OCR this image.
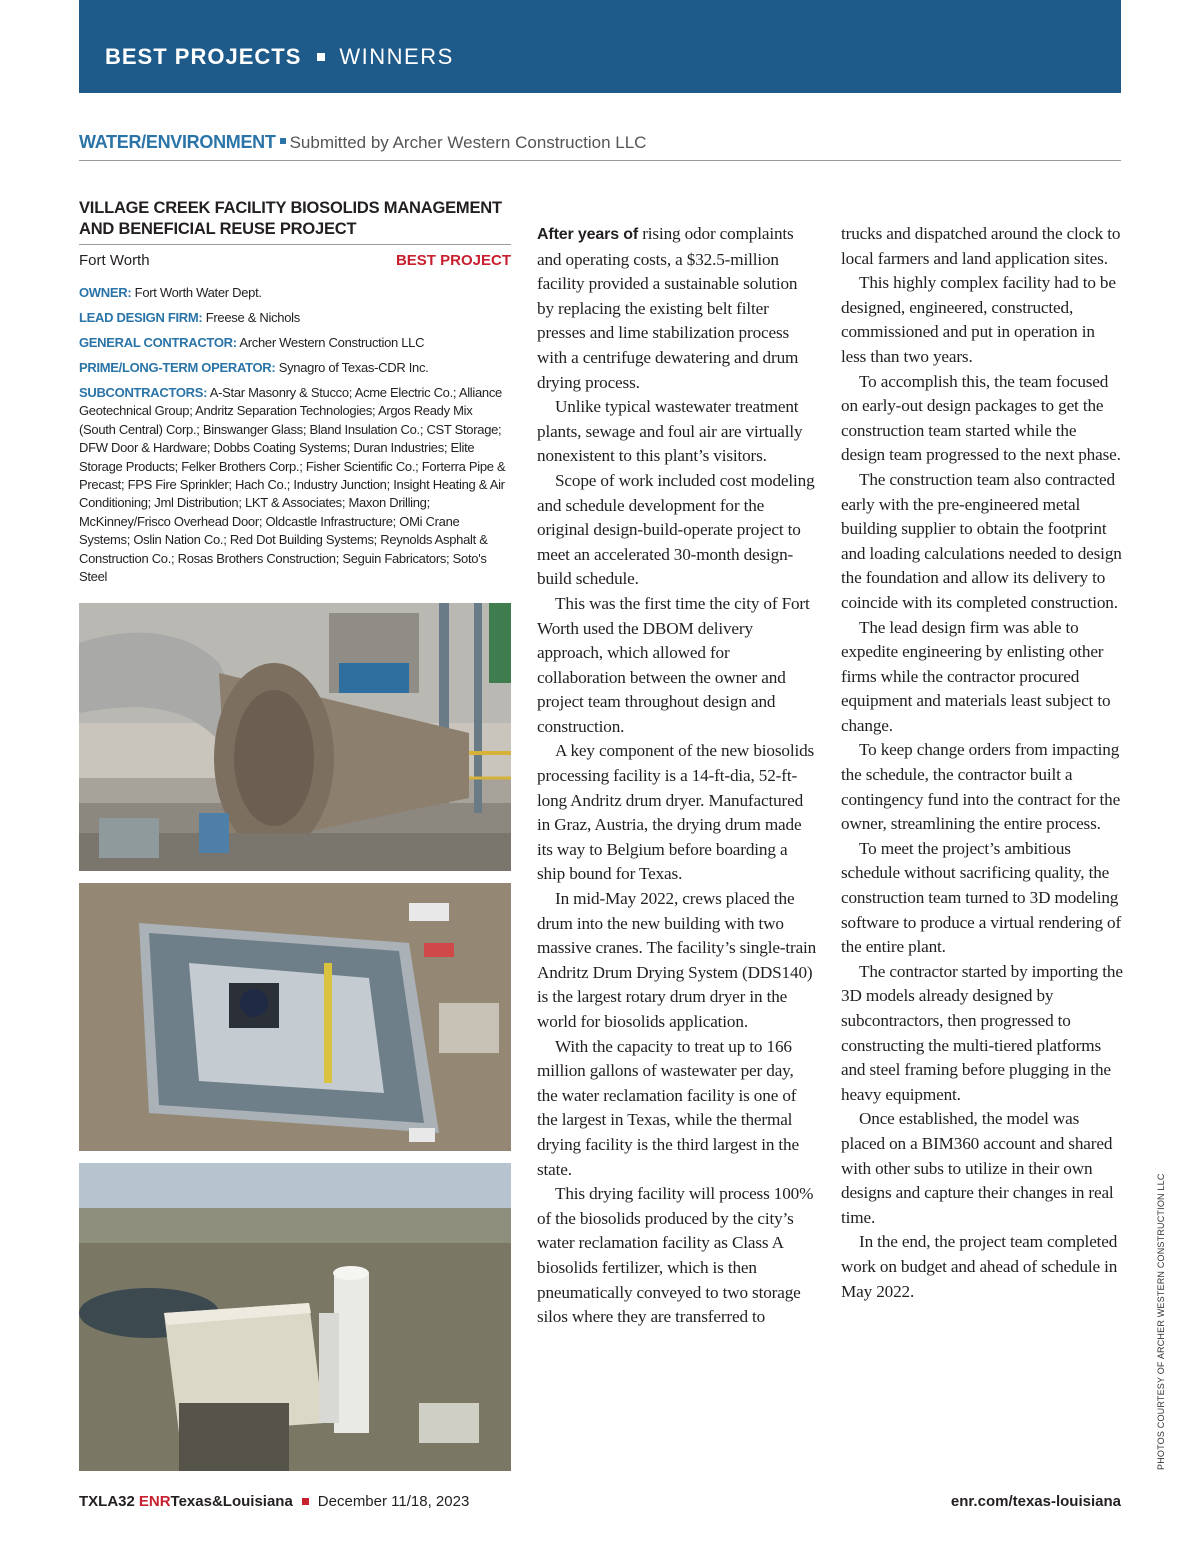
BEST PROJECTS WINNERS
WATER/ENVIRONMENT Submitted by Archer Western Construction LLC
VILLAGE CREEK FACILITY BIOSOLIDS MANAGEMENT AND BENEFICIAL REUSE PROJECT
Fort Worth	BEST PROJECT

OWNER: Fort Worth Water Dept.

LEAD DESIGN FIRM: Freese & Nichols

GENERAL CONTRACTOR: Archer Western Construction LLC

PRIME/LONG-TERM OPERATOR: Synagro of Texas-CDR Inc.

SUBCONTRACTORS: A-Star Masonry & Stucco; Acme Electric Co.; Alliance Geotechnical Group; Andritz Separation Technologies; Argos Ready Mix (South Central) Corp.; Binswanger Glass; Bland Insulation Co.; CST Storage; DFW Door & Hardware; Dobbs Coating Systems; Duran Industries; Elite Storage Products; Felker Brothers Corp.; Fisher Scientific Co.; Forterra Pipe & Precast; FPS Fire Sprinkler; Hach Co.; Industry Junction; Insight Heating & Air Conditioning; Jml Distribution; LKT & Associates; Maxon Drilling; McKinney/Frisco Overhead Door; Oldcastle Infrastructure; OMi Crane Systems; Oslin Nation Co.; Red Dot Building Systems; Reynolds Asphalt & Construction Co.; Rosas Brothers Construction; Seguin Fabricators; Soto's Steel

After years of rising odor complaints and operating costs, a $32.5-million facility provided a sustainable solution by replacing the existing belt filter presses and lime stabilization process with a centrifuge dewatering and drum drying process.

Unlike typical wastewater treatment plants, sewage and foul air are virtually nonexistent to this plant’s visitors.

Scope of work included cost modeling and schedule development for the original design-build-operate project to meet an accelerated 30-month design-build schedule.

This was the first time the city of Fort Worth used the DBOM delivery approach, which allowed for collaboration between the owner and project team throughout design and construction.

A key component of the new biosolids processing facility is a 14-ft-dia, 52-ft-long Andritz drum dryer. Manufactured in Graz, Austria, the drying drum made its way to Belgium before boarding a ship bound for Texas.

In mid-May 2022, crews placed the drum into the new building with two massive cranes. The facility’s single-train Andritz Drum Drying System (DDS140) is the largest rotary drum dryer in the world for biosolids application.

With the capacity to treat up to 166 million gallons of wastewater per day, the water reclamation facility is one of the largest in Texas, while the thermal drying facility is the third largest in the state.

This drying facility will process 100% of the biosolids produced by the city’s water reclamation facility as Class A biosolids fertilizer, which is then pneumatically conveyed to two storage silos where they are transferred to

trucks and dispatched around the clock to local farmers and land application sites.

This highly complex facility had to be designed, engineered, constructed, commissioned and put in operation in less than two years.

To accomplish this, the team focused on early-out design packages to get the construction team started while the design team progressed to the next phase.

The construction team also contracted early with the pre-engineered metal building supplier to obtain the footprint and loading calculations needed to design the foundation and allow its delivery to coincide with its completed construction.

The lead design firm was able to expedite engineering by enlisting other firms while the contractor procured equipment and materials least subject to change.

To keep change orders from impacting the schedule, the contractor built a contingency fund into the contract for the owner, streamlining the entire process.

To meet the project’s ambitious schedule without sacrificing quality, the construction team turned to 3D modeling software to produce a virtual rendering of the entire plant.

The contractor started by importing the 3D models already designed by subcontractors, then progressed to constructing the multi-tiered platforms and steel framing before plugging in the heavy equipment.

Once established, the model was placed on a BIM360 account and shared with other subs to utilize in their own designs and capture their changes in real time.

In the end, the project team completed work on budget and ahead of schedule in May 2022.	PHOTOS COURTESY OF ARCHER WESTERN CONSTRUCTION LLC
TXLA32 ENRTexas&Louisiana December 11/18, 2023	enr.com/texas-louisiana
